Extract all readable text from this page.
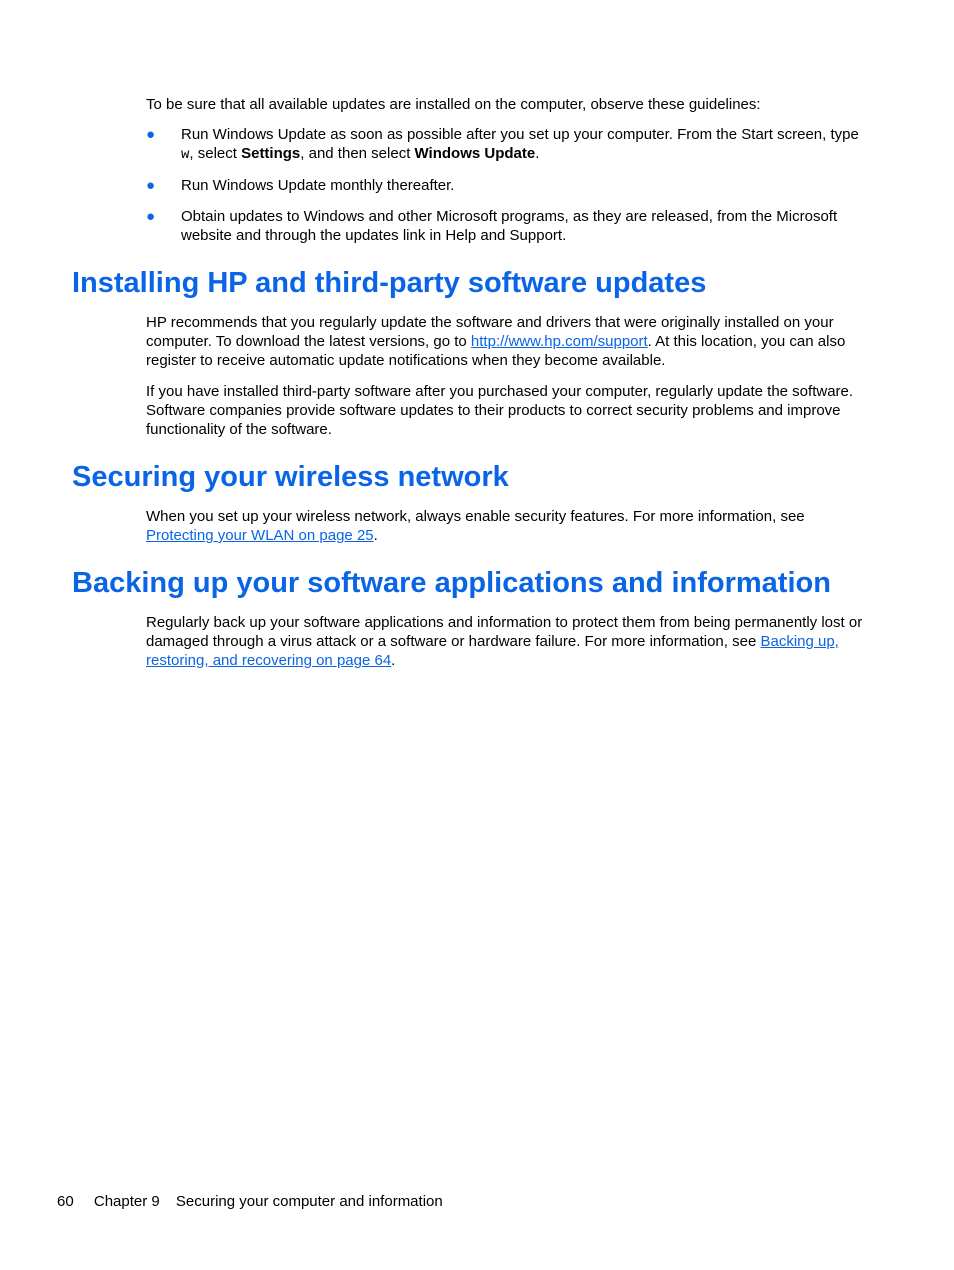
To be sure that all available updates are installed on the computer, observe these guidelines:

● Run Windows Update as soon as possible after you set up your computer. From the Start screen, type w, select Settings, and then select Windows Update.

● Run Windows Update monthly thereafter.

● Obtain updates to Windows and other Microsoft programs, as they are released, from the Microsoft website and through the updates link in Help and Support.

Installing HP and third-party software updates

HP recommends that you regularly update the software and drivers that were originally installed on your computer. To download the latest versions, go to http://www.hp.com/support. At this location, you can also register to receive automatic update notifications when they become available.

If you have installed third-party software after you purchased your computer, regularly update the software. Software companies provide software updates to their products to correct security problems and improve functionality of the software.

Securing your wireless network

When you set up your wireless network, always enable security features. For more information, see Protecting your WLAN on page 25.

Backing up your software applications and information

Regularly back up your software applications and information to protect them from being permanently lost or damaged through a virus attack or a software or hardware failure. For more information, see Backing up, restoring, and recovering on page 64.

60 Chapter 9 Securing your computer and information
